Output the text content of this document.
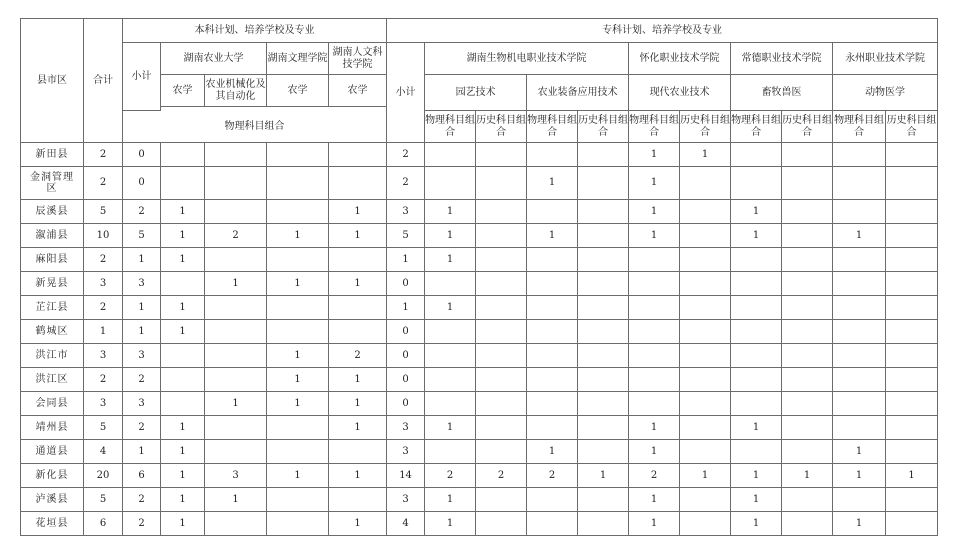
县市区	合计	本科计划、培养学校及专业					专科计划、培养学校及专业										
		小计	湖南农业大学		湖南文理学院	湖南人文科技学院	小计	湖南生物机电职业技术学院				怀化职业技术学院		常德职业技术学院		永州职业技术学院	
			农学	农业机械化及其自动化	农学	农学		园艺技术		农业装备应用技术		现代农业技术		畜牧兽医		动物医学	

		物理科目组合						物理科目组合	历史科目组合	物理科目组合	历史科目组合	物理科目组合	历史科目组合	物理科目组合	历史科目组合	物理科目组合	历史科目组合
新田县	2	0					2					1	1				
金洞管理区	2	0					2			1		1					
辰溪县	5	2	1			1	3	1				1		1			
溆浦县	10	5	1	2	1	1	5	1		1		1		1		1	
麻阳县	2	1	1				1	1									
新晃县	3	3		1	1	1	0										
芷江县	2	1	1				1	1									
鹤城区	1	1	1				0										
洪江市	3	3			1	2	0										
洪江区	2	2			1	1	0										
会同县	3	3		1	1	1	0										
靖州县	5	2	1			1	3	1				1		1			
通道县	4	1	1				3			1		1				1	
新化县	20	6	1	3	1	1	14	2	2	2	1	2	1	1	1	1	1
泸溪县	5	2	1	1			3	1				1		1			
花垣县	6	2	1			1	4	1				1		1		1	
